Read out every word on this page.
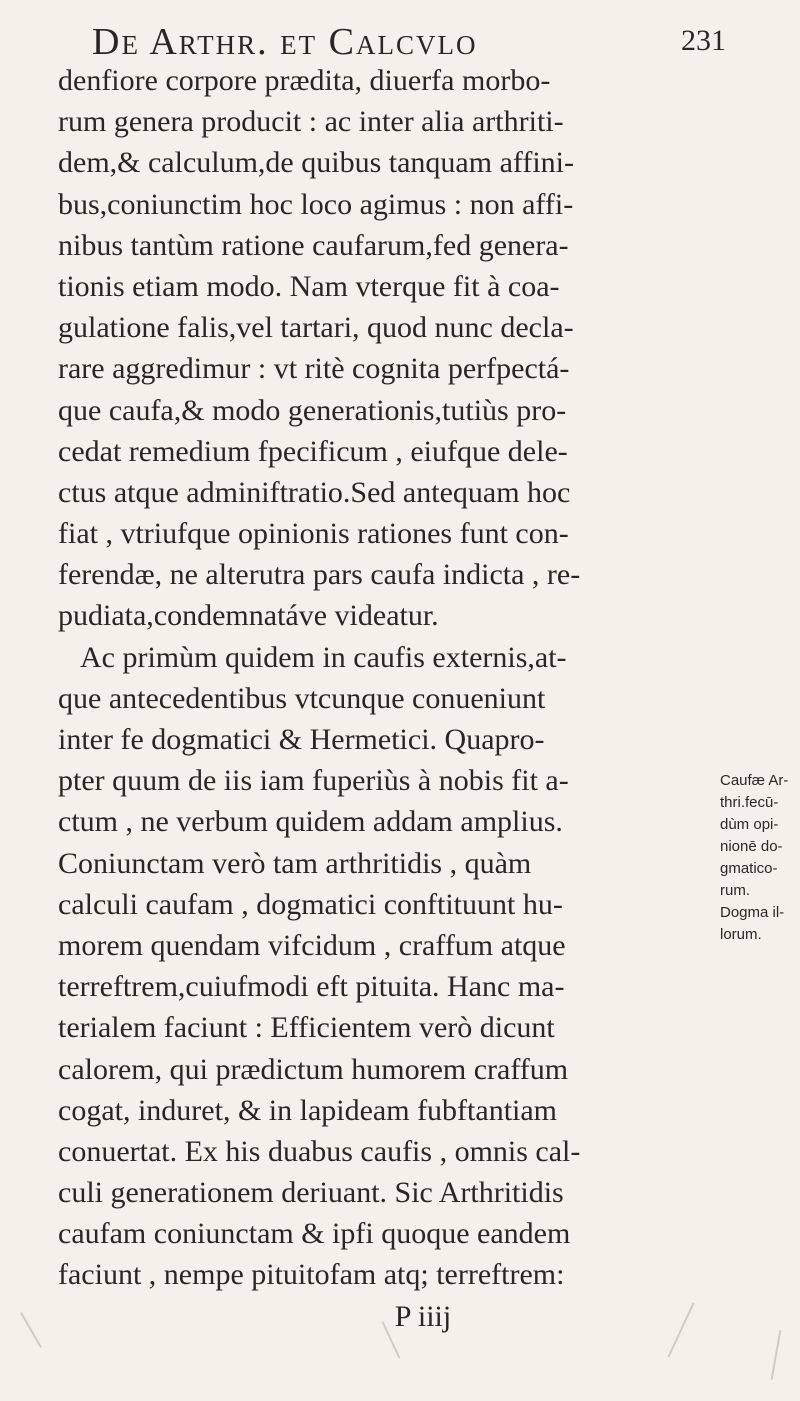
De Arthr. et Calcvlo	231
denfiore corpore prædita, diuerfa morbo-
rum genera producit : ac inter alia arthriti-
dem,& calculum,de quibus tanquam affini-
bus,coniunctim hoc loco agimus : non affi-
nibus tantùm ratione caufarum,fed genera-
tionis etiam modo. Nam vterque fit à coa-
gulatione falis,vel tartari, quod nunc decla-
rare aggredimur : vt ritè cognita perfpectá-
que caufa,& modo generationis,tutiùs pro-
cedat remedium fpecificum , eiufque dele-
ctus atque adminiftratio.Sed antequam hoc
fiat , vtriufque opinionis rationes funt con-
ferendæ, ne alterutra pars caufa indicta , re-
pudiata,condemnatáve videatur.
Ac primùm quidem in caufis externis,at-
que antecedentibus vtcunque conueniunt
inter fe dogmatici & Hermetici. Quapro-
pter quum de iis iam fuperiùs à nobis fit a-
ctum , ne verbum quidem addam amplius.
Coniunctam verò tam arthritidis , quàm
calculi caufam , dogmatici conftituunt hu-
morem quendam vifcidum , craffum atque
terreftrem,cuiufmodi eft pituita. Hanc ma-
terialem faciunt : Efficientem verò dicunt
calorem, qui prædictum humorem craffum
cogat, induret, & in lapideam fubftantiam
conuertat. Ex his duabus caufis , omnis cal-
culi generationem deriuant. Sic Arthritidis
caufam coniunctam & ipfi quoque eandem
faciunt , nempe pituitofam atq; terreftrem:
P iiij
Caufæ Ar-
thri.fecū-
dùm opi-
nionē do-
gmatico-
rum.
Dogma il-
lorum.
